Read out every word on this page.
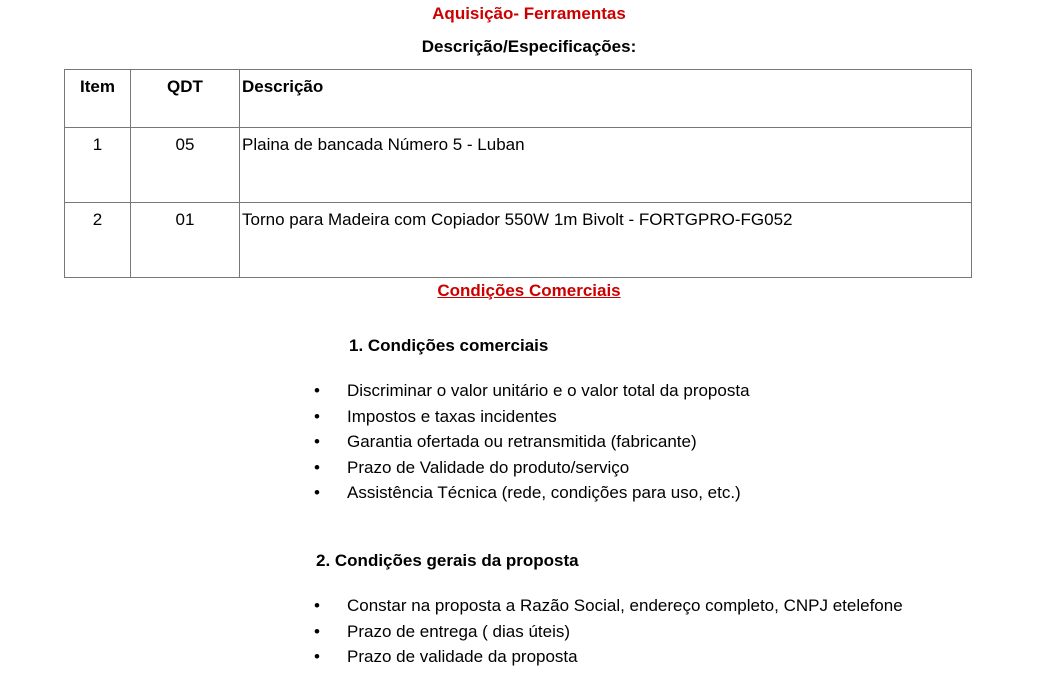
Aquisição- Ferramentas
Descrição/Especificações:
Item	QDT	Descrição
1	05	Plaina de bancada Número 5 - Luban
2	01	Torno para Madeira com Copiador 550W 1m Bivolt - FORTGPRO-FG052
Condições Comerciais
1. Condições comerciais
• Discriminar o valor unitário e o valor total da proposta
• Impostos e taxas incidentes
• Garantia ofertada ou retransmitida (fabricante)
• Prazo de Validade do produto/serviço
• Assistência Técnica (rede, condições para uso, etc.)
2. Condições gerais da proposta
• Constar na proposta a Razão Social, endereço completo, CNPJ etelefone
• Prazo de entrega ( dias úteis)
• Prazo de validade da proposta
